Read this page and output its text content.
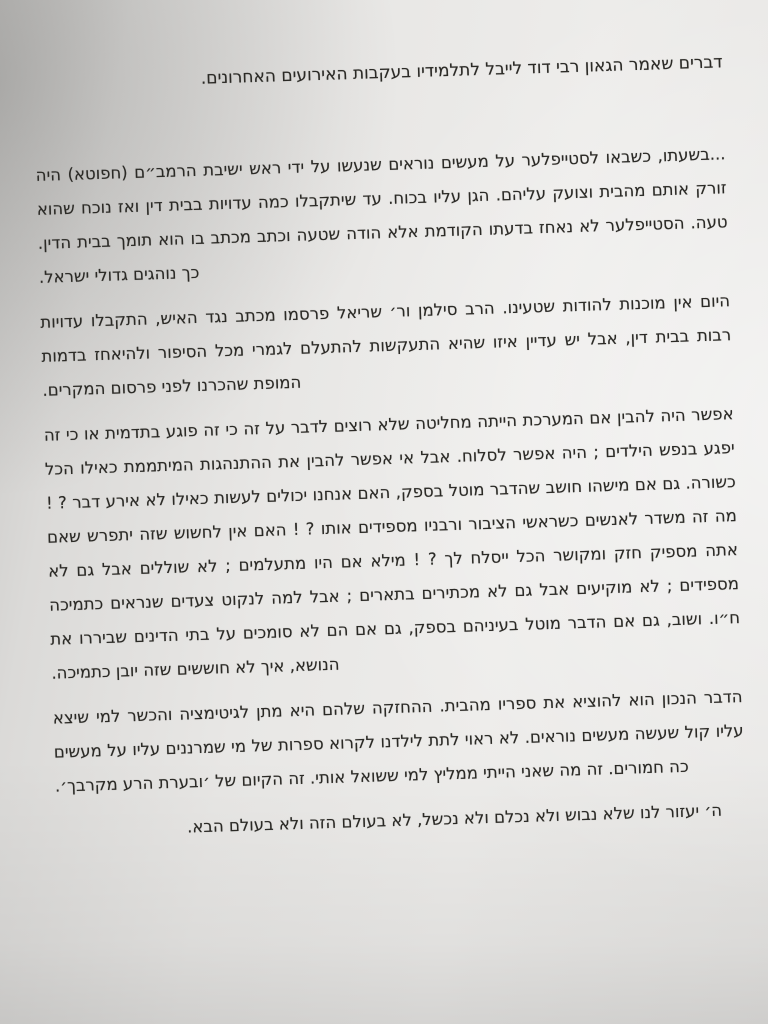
דברים שאמר הגאון רבי דוד לייבל לתלמידיו בעקבות האירועים האחרונים.

...בשעתו, כשבאו לסטייפלער על מעשים נוראים שנעשו על ידי ראש ישיבת הרמב״ם (חפוטא) היה זורק אותם מהבית וצועק עליהם. הגן עליו בכוח. עד שיתקבלו כמה עדויות בבית דין ואז נוכח שהוא טעה. הסטייפלער לא נאחז בדעתו הקודמת אלא הודה שטעה וכתב מכתב בו הוא תומך בבית הדין. כך נוהגים גדולי ישראל.

היום אין מוכנות להודות שטעינו. הרב סילמן ור׳ שריאל פרסמו מכתב נגד האיש, התקבלו עדויות רבות בבית דין, אבל יש עדיין איזו שהיא התעקשות להתעלם לגמרי מכל הסיפור ולהיאחז בדמות המופת שהכרנו לפני פרסום המקרים.

אפשר היה להבין אם המערכת הייתה מחליטה שלא רוצים לדבר על זה כי זה פוגע בתדמית או כי זה יפגע בנפש הילדים ; היה אפשר לסלוח. אבל אי אפשר להבין את ההתנהגות המיתממת כאילו הכל כשורה. גם אם מישהו חושב שהדבר מוטל בספק, האם אנחנו יכולים לעשות כאילו לא אירע דבר ? ! מה זה משדר לאנשים כשראשי הציבור ורבניו מספידים אותו ? ! האם אין לחשוש שזה יתפרש שאם אתה מספיק חזק ומקושר הכל ייסלח לך ? ! מילא אם היו מתעלמים ; לא שוללים אבל גם לא מספידים ; לא מוקיעים אבל גם לא מכתירים בתארים ; אבל למה לנקוט צעדים שנראים כתמיכה ח״ו. ושוב, גם אם הדבר מוטל בעיניהם בספק, גם אם הם לא סומכים על בתי הדינים שביררו את הנושא, איך לא חוששים שזה יובן כתמיכה.

הדבר הנכון הוא להוציא את ספריו מהבית. ההחזקה שלהם היא מתן לגיטימציה והכשר למי שיצא עליו קול שעשה מעשים נוראים. לא ראוי לתת לילדנו לקרוא ספרות של מי שמרננים עליו על מעשים כה חמורים. זה מה שאני הייתי ממליץ למי ששואל אותי. זה הקיום של ׳ובערת הרע מקרבך׳.

ה׳ יעזור לנו שלא נבוש ולא נכלם ולא נכשל, לא בעולם הזה ולא בעולם הבא.
